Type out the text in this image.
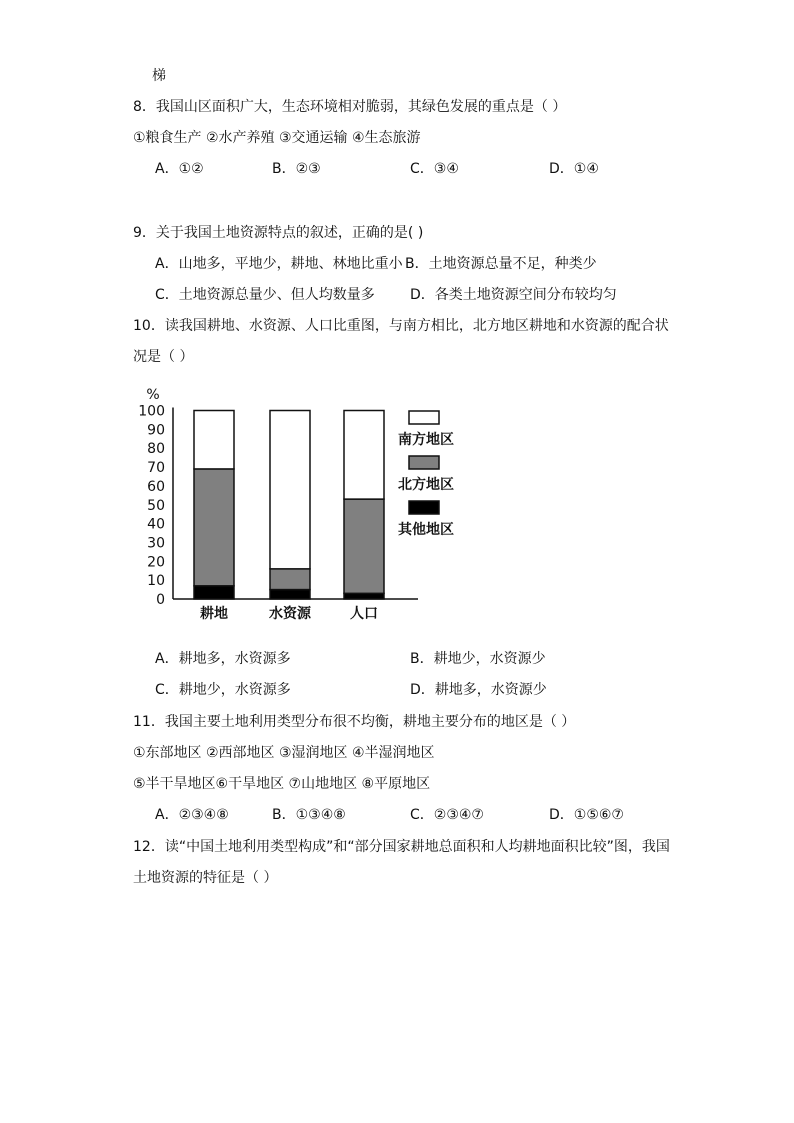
梯
8．我国山区面积广大，生态环境相对脆弱，其绿色发展的重点是（ ）
①粮食生产 ②水产养殖 ③交通运输 ④生态旅游
A．①②	B．②③	C．③④	D．①④
9．关于我国土地资源特点的叙述，正确的是( )
A．山地多，平地少，耕地、林地比重小 B．土地资源总量不足，种类少
C．土地资源总量少、但人均数量多	D．各类土地资源空间分布较均匀
10．读我国耕地、水资源、人口比重图，与南方相比，北方地区耕地和水资源的配合状
况是（ ）
%
0
10
20
30
40
50
60
70
80
90
100
耕地	水资源	人口
南方地区
北方地区
其他地区
A．耕地多，水资源多	B．耕地少，水资源少
C．耕地少，水资源多	D．耕地多，水资源少
11．我国主要土地利用类型分布很不均衡，耕地主要分布的地区是（ ）
①东部地区 ②西部地区 ③湿润地区 ④半湿润地区
⑤半干旱地区⑥干旱地区 ⑦山地地区 ⑧平原地区
A．②③④⑧	B．①③④⑧	C．②③④⑦	D．①⑤⑥⑦
12．读“中国土地利用类型构成”和“部分国家耕地总面积和人均耕地面积比较”图，我国
土地资源的特征是（ ）
